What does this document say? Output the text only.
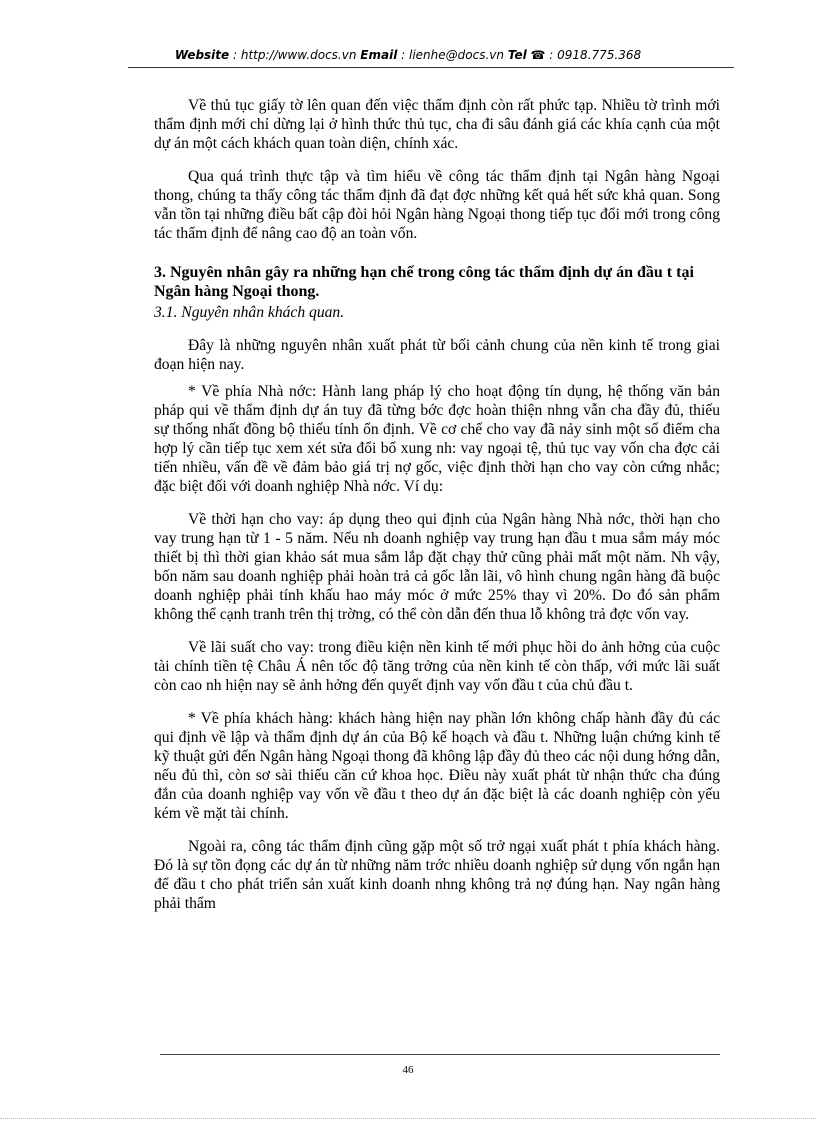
Website : http://www.docs.vn Email : lienhe@docs.vn Tel ☎ : 0918.775.368

Về thủ tục giấy tờ lên quan đến việc thẩm định còn rất phức tạp. Nhiều tờ trình mới thẩm định mới chỉ dừng lại ở hình thức thủ tục, cha đi sâu đánh giá các khía cạnh của một dự án một cách khách quan toàn diện, chính xác.

Qua quá trình thực tập và tìm hiểu về công tác thẩm định tại Ngân hàng Ngoại thong, chúng ta thấy công tác thẩm định đã đạt đợc những kết quả hết sức khả quan. Song vẫn tồn tại những điều bất cập đòi hỏi Ngân hàng Ngoại thong tiếp tục đổi mới trong công tác thẩm định để nâng cao độ an toàn vốn.

3. Nguyên nhân gây ra những hạn chế trong công tác thẩm định dự án đầu t tại Ngân hàng Ngoại thong.
3.1. Nguyên nhân khách quan.

Đây là những nguyên nhân xuất phát từ bối cảnh chung của nền kinh tế trong giai đoạn hiện nay.

* Về phía Nhà nớc: Hành lang pháp lý cho hoạt động tín dụng, hệ thống văn bản pháp qui về thẩm định dự án tuy đã từng bớc đợc hoàn thiện nhng vẫn cha đầy đủ, thiếu sự thống nhất đồng bộ thiếu tính ổn định. Về cơ chế cho vay đã nảy sinh một số điểm cha hợp lý cần tiếp tục xem xét sửa đổi bổ xung nh: vay ngoại tệ, thủ tục vay vốn cha đợc cải tiến nhiều, vấn đề về đảm bảo giá trị nợ gốc, việc định thời hạn cho vay còn cứng nhắc; đặc biệt đối với doanh nghiệp Nhà nớc. Ví dụ:

Về thời hạn cho vay: áp dụng theo qui định của Ngân hàng Nhà nớc, thời hạn cho vay trung hạn từ 1 - 5 năm. Nếu nh doanh nghiệp vay trung hạn đầu t mua sắm máy móc thiết bị thì thời gian khảo sát mua sắm lắp đặt chạy thử cũng phải mất một năm. Nh vậy, bốn năm sau doanh nghiệp phải hoàn trả cả gốc lẫn lãi, vô hình chung ngân hàng đã buộc doanh nghiệp phải tính khấu hao máy móc ở mức 25% thay vì 20%. Do đó sản phẩm không thể cạnh tranh trên thị trờng, có thể còn dẫn đến thua lỗ không trả đợc vốn vay.

Về lãi suất cho vay: trong điều kiện nền kinh tế mới phục hồi do ảnh hởng của cuộc tài chính tiền tệ Châu Á nên tốc độ tăng trởng của nền kinh tế còn thấp, với mức lãi suất còn cao nh hiện nay sẽ ảnh hởng đến quyết định vay vốn đầu t của chủ đầu t.

* Về phía khách hàng: khách hàng hiện nay phần lớn không chấp hành đầy đủ các qui định về lập và thẩm định dự án của Bộ kế hoạch và đầu t. Những luận chứng kinh tế kỹ thuật gửi đến Ngân hàng Ngoại thong đã không lập đầy đủ theo các nội dung hớng dẫn, nếu đủ thì, còn sơ sài thiếu căn cứ khoa học. Điều này xuất phát từ nhận thức cha đúng đắn của doanh nghiệp vay vốn về đầu t theo dự án đặc biệt là các doanh nghiệp còn yếu kém về mặt tài chính.

Ngoài ra, công tác thẩm định cũng gặp một số trở ngại xuất phát t phía khách hàng. Đó là sự tồn đọng các dự án từ những năm trớc nhiều doanh nghiệp sử dụng vốn ngắn hạn để đầu t cho phát triển sản xuất kinh doanh nhng không trả nợ đúng hạn. Nay ngân hàng phải thẩm

46
